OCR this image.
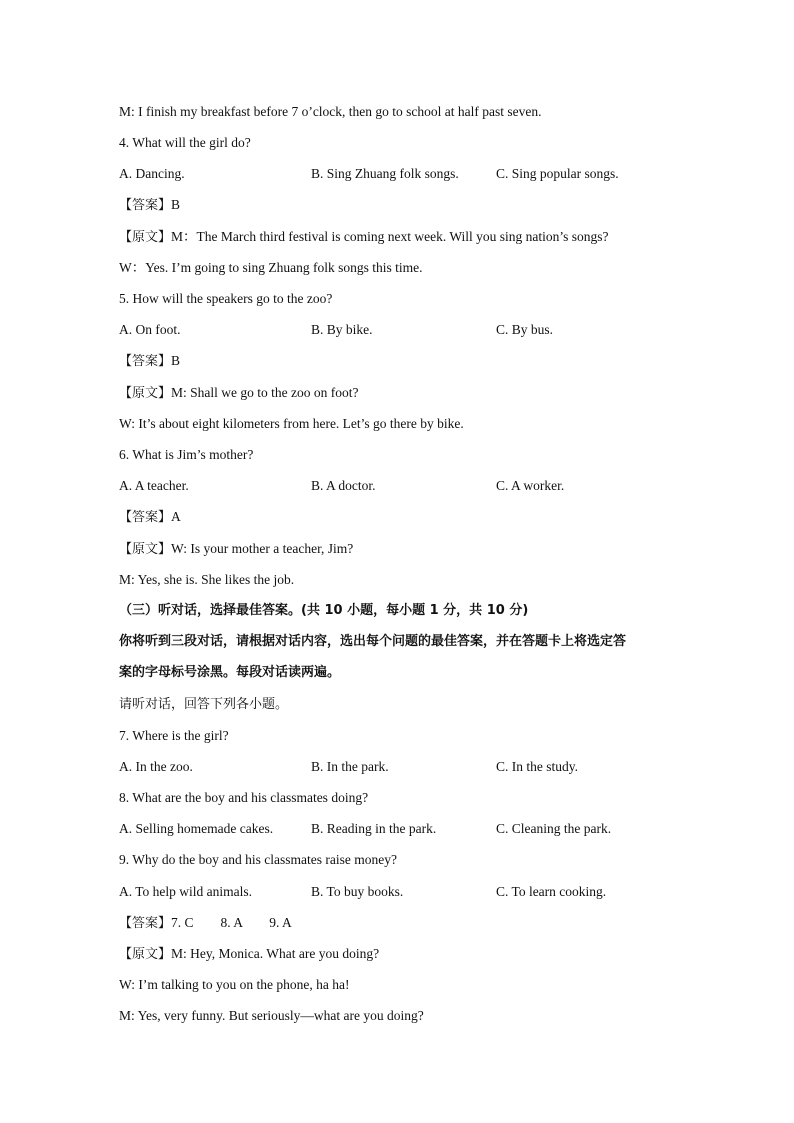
M: I finish my breakfast before 7 o’clock, then go to school at half past seven.
4. What will the girl do?
A. Dancing.	B. Sing Zhuang folk songs.	C. Sing popular songs.
【答案】B
【原文】M：The March third festival is coming next week. Will you sing nation’s songs?
W：Yes. I’m going to sing Zhuang folk songs this time.
5. How will the speakers go to the zoo?
A. On foot.	B. By bike.	C. By bus.
【答案】B
【原文】M: Shall we go to the zoo on foot?
W: It’s about eight kilometers from here. Let’s go there by bike.
6. What is Jim’s mother?
A. A teacher.	B. A doctor.	C. A worker.
【答案】A
【原文】W: Is your mother a teacher, Jim?
M: Yes, she is. She likes the job.
（三）听对话，选择最佳答案。(共 10 小题，每小题 1 分，共 10 分)
你将听到三段对话，请根据对话内容，选出每个问题的最佳答案，并在答题卡上将选定答
案的字母标号涂黑。每段对话读两遍。
请听对话，回答下列各小题。
7. Where is the girl?
A. In the zoo.	B. In the park.	C. In the study.
8. What are the boy and his classmates doing?
A. Selling homemade cakes.	B. Reading in the park.	C. Cleaning the park.
9. Why do the boy and his classmates raise money?
A. To help wild animals.	B. To buy books.	C. To learn cooking.
【答案】7. C        8. A        9. A
【原文】M: Hey, Monica. What are you doing?
W: I’m talking to you on the phone, ha ha!
M: Yes, very funny. But seriously—what are you doing?
